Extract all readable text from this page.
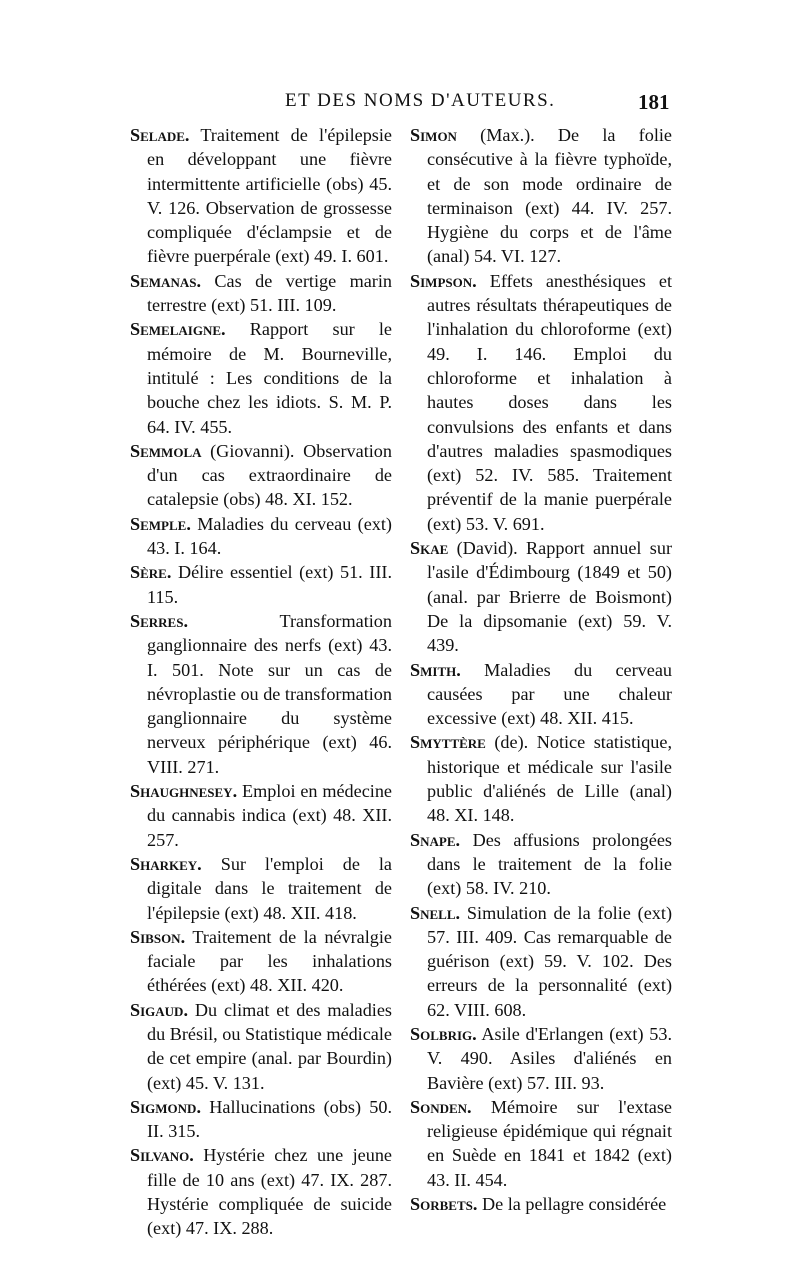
ET DES NOMS D'AUTEURS.	181

Selade. Traitement de l'épilepsie en développant une fièvre intermittente artificielle (obs) 45. V. 126. Observation de grossesse compliquée d'éclampsie et de fièvre puerpérale (ext) 49. I. 601.

Semanas. Cas de vertige marin terrestre (ext) 51. III. 109.

Semelaigne. Rapport sur le mémoire de M. Bourneville, intitulé : Les conditions de la bouche chez les idiots. S. M. P. 64. IV. 455.

Semmola (Giovanni). Observation d'un cas extraordinaire de catalepsie (obs) 48. XI. 152.

Semple. Maladies du cerveau (ext) 43. I. 164.

Sère. Délire essentiel (ext) 51. III. 115.

Serres.	Transformation ganglionnaire des nerfs (ext) 43. I. 501. Note sur un cas de névroplastie ou de transformation ganglionnaire du système nerveux périphérique (ext) 46. VIII. 271.

Shaughnesey. Emploi en médecine du cannabis indica (ext) 48. XII. 257.

Sharkey. Sur l'emploi de la digitale dans le traitement de l'épilepsie (ext) 48. XII. 418.

Sibson. Traitement de la névralgie faciale par les inhalations éthérées (ext) 48. XII. 420.

Sigaud. Du climat et des maladies du Brésil, ou Statistique médicale de cet empire (anal. par Bourdin) (ext) 45. V. 131.

Sigmond. Hallucinations (obs) 50. II. 315.

Silvano. Hystérie chez une jeune fille de 10 ans (ext) 47. IX. 287. Hystérie compliquée de suicide (ext) 47. IX. 288.

Simon (Max.). De la folie consécutive à la fièvre typhoïde, et de son mode ordinaire de terminaison (ext) 44. IV. 257. Hygiène du corps et de l'âme (anal) 54. VI. 127.

Simpson. Effets anesthésiques et autres résultats thérapeutiques de l'inhalation du chloroforme (ext) 49. I. 146. Emploi du chloroforme et inhalation à hautes doses dans les convulsions des enfants et dans d'autres maladies spasmodiques (ext) 52. IV. 585. Traitement préventif de la manie puerpérale (ext) 53. V. 691.

Skae (David). Rapport annuel sur l'asile d'Édimbourg (1849 et 50) (anal. par Brierre de Boismont) De la dipsomanie (ext) 59. V. 439.

Smith. Maladies du cerveau causées par une chaleur excessive (ext) 48. XII. 415.

Smyttère (de). Notice statistique, historique et médicale sur l'asile public d'aliénés de Lille (anal) 48. XI. 148.

Snape. Des affusions prolongées dans le traitement de la folie (ext) 58. IV. 210.

Snell. Simulation de la folie (ext) 57. III. 409. Cas remarquable de guérison (ext) 59. V. 102. Des erreurs de la personnalité (ext) 62. VIII. 608.

Solbrig. Asile d'Erlangen (ext) 53. V. 490. Asiles d'aliénés en Bavière (ext) 57. III. 93.

Sonden. Mémoire sur l'extase religieuse épidémique qui régnait en Suède en 1841 et 1842 (ext) 43. II. 454.

Sorbets. De la pellagre considérée
